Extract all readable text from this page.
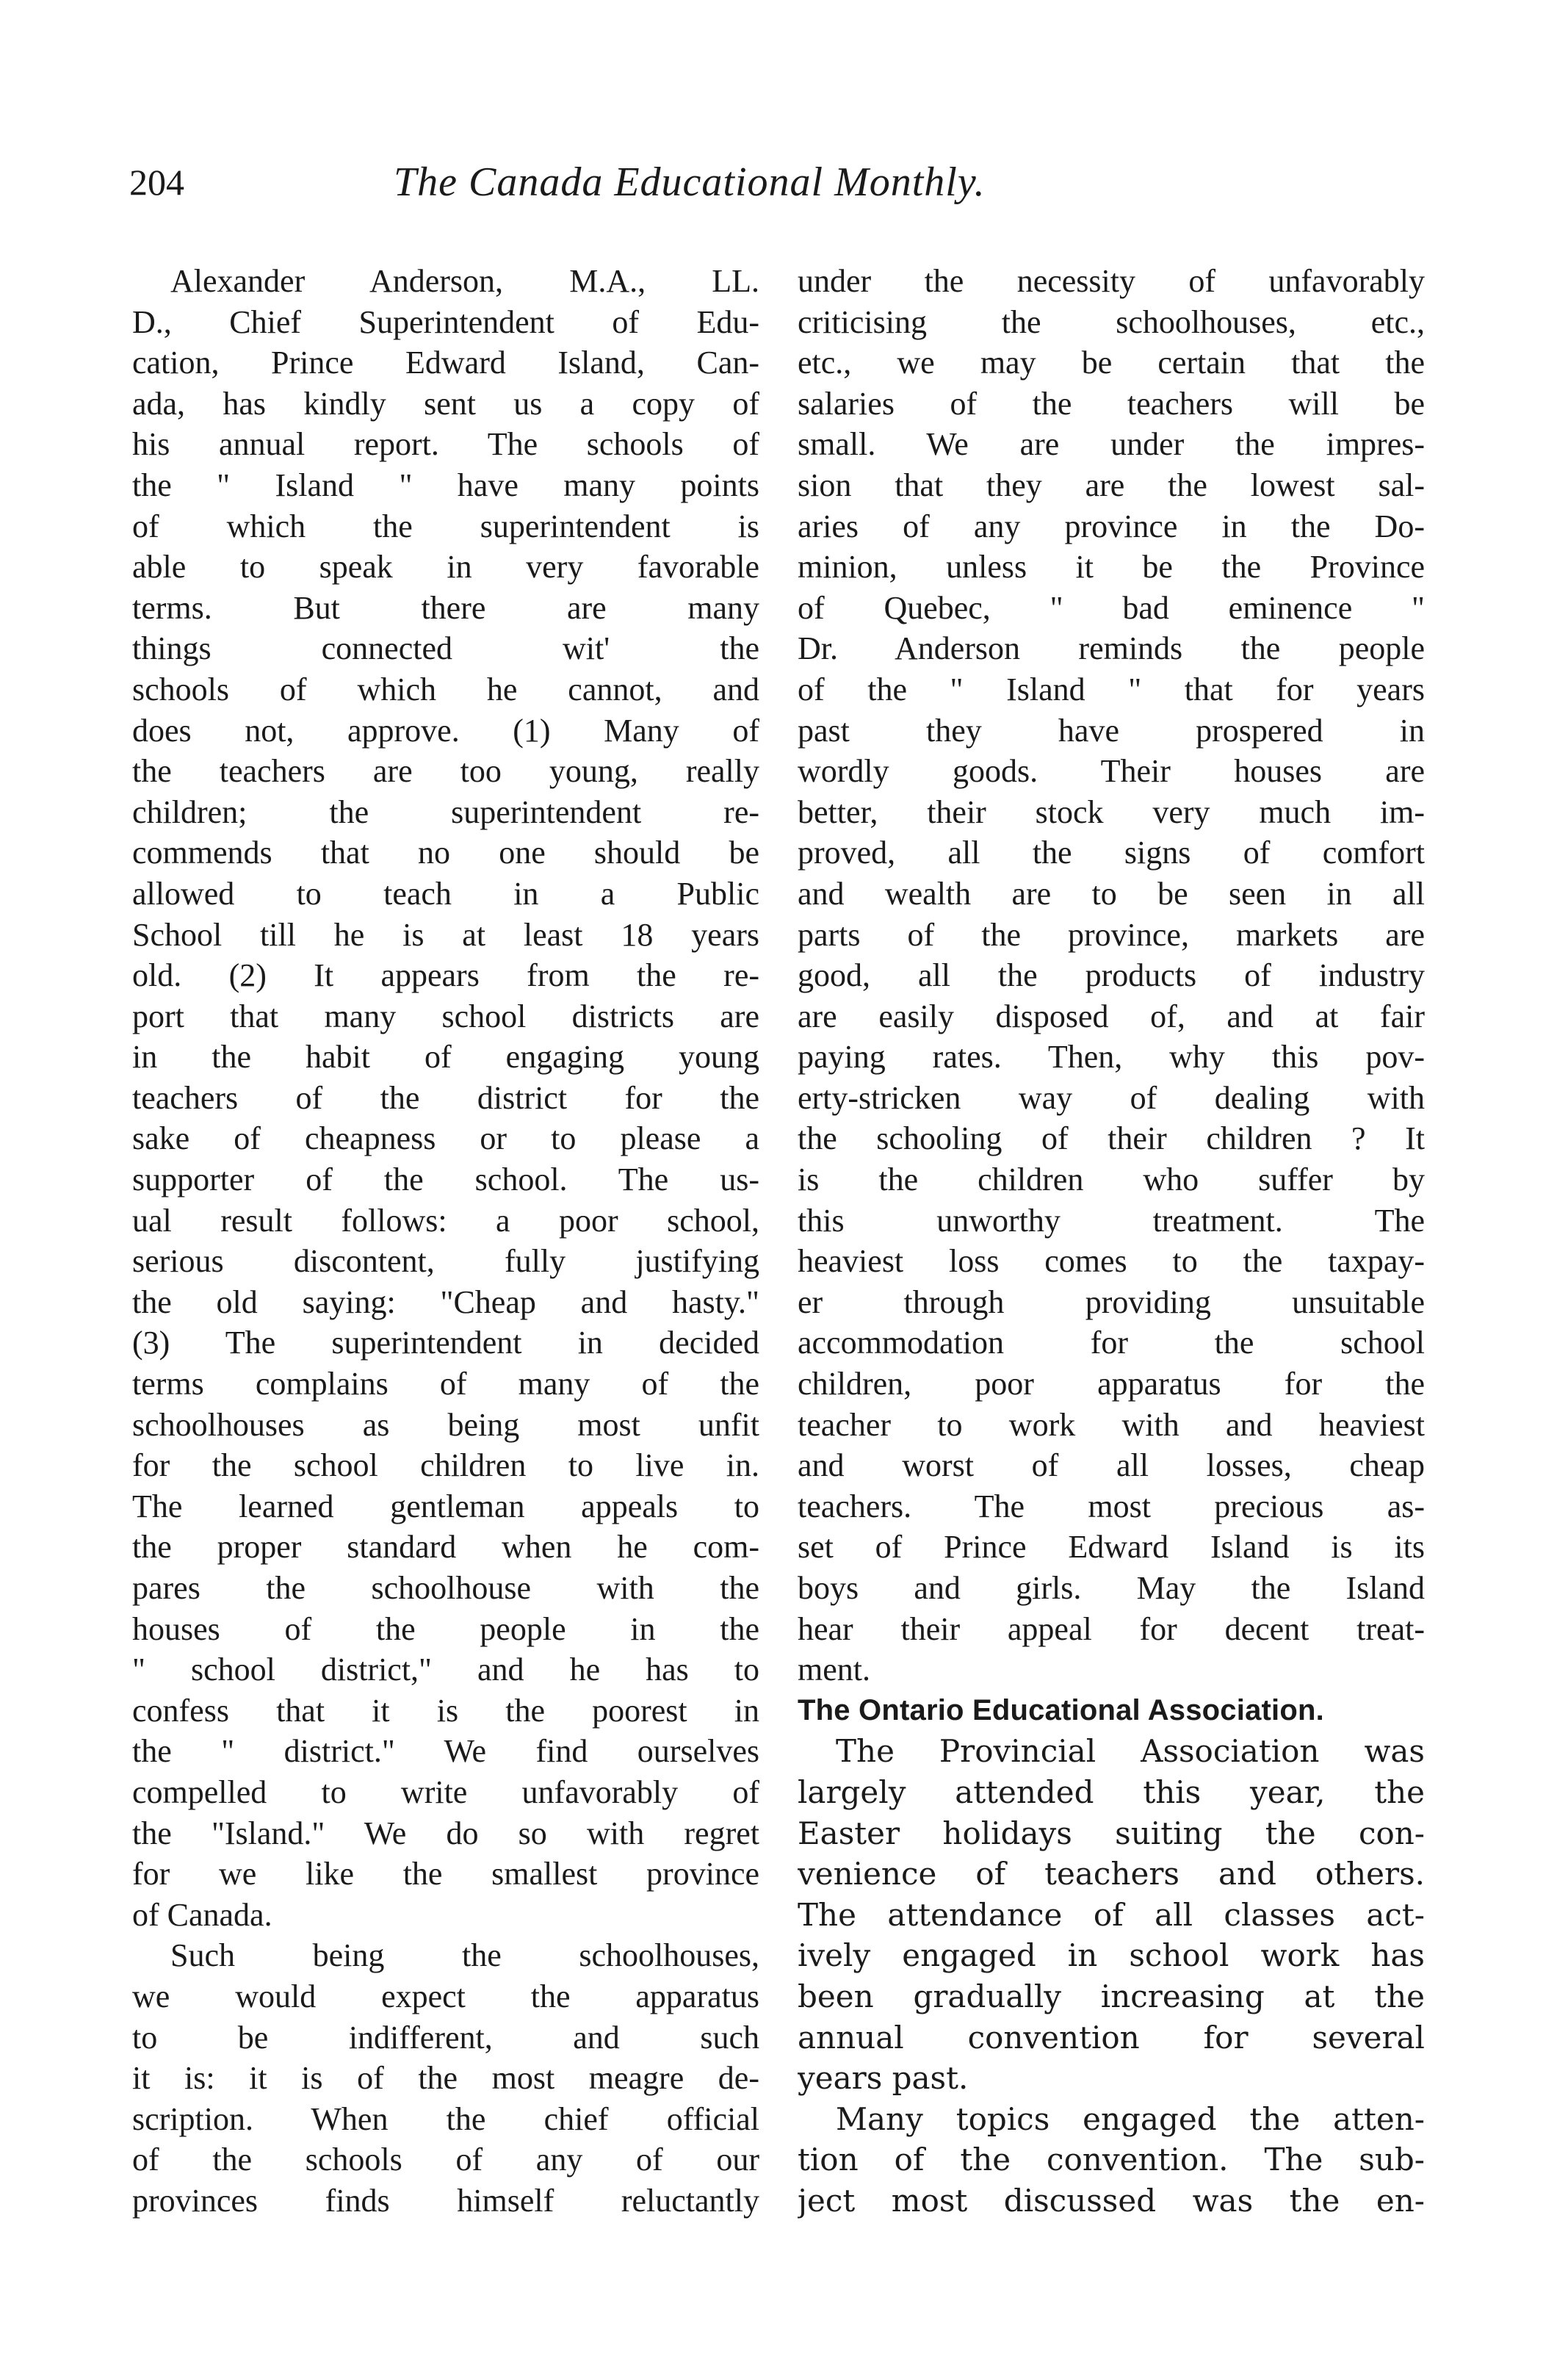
204	The Canada Educational Monthly.
Alexander Anderson, M.A., LL.
D., Chief Superintendent of Edu-
cation, Prince Edward Island, Can-
ada, has kindly sent us a copy of
his annual report. The schools of
the " Island " have many points
of which the superintendent is
able to speak in very favorable
terms. But there are many
things connected wit' the
schools of which he cannot, and
does not, approve. (1) Many of
the teachers are too young, really
children; the superintendent re-
commends that no one should be
allowed to teach in a Public
School till he is at least 18 years
old. (2) It appears from the re-
port that many school districts are
in the habit of engaging young
teachers of the district for the
sake of cheapness or to please a
supporter of the school. The us-
ual result follows: a poor school,
serious discontent, fully justifying
the old saying: "Cheap and hasty."
(3) The superintendent in decided
terms complains of many of the
schoolhouses as being most unfit
for the school children to live in.
The learned gentleman appeals to
the proper standard when he com-
pares the schoolhouse with the
houses of the people in the
" school district," and he has to
confess that it is the poorest in
the " district." We find ourselves
compelled to write unfavorably of
the "Island." We do so with regret
for we like the smallest province
of Canada.
Such being the schoolhouses,
we would expect the apparatus
to be indifferent, and such
it is: it is of the most meagre de-
scription. When the chief official
of the schools of any of our
provinces finds himself reluctantly
under the necessity of unfavorably
criticising the schoolhouses, etc.,
etc., we may be certain that the
salaries of the teachers will be
small. We are under the impres-
sion that they are the lowest sal-
aries of any province in the Do-
minion, unless it be the Province
of Quebec, " bad eminence "
Dr. Anderson reminds the people
of the " Island " that for years
past they have prospered in
wordly goods. Their houses are
better, their stock very much im-
proved, all the signs of comfort
and wealth are to be seen in all
parts of the province, markets are
good, all the products of industry
are easily disposed of, and at fair
paying rates. Then, why this pov-
erty-stricken way of dealing with
the schooling of their children ? It
is the children who suffer by
this unworthy treatment. The
heaviest loss comes to the taxpay-
er through providing unsuitable
accommodation for the school
children, poor apparatus for the
teacher to work with and heaviest
and worst of all losses, cheap
teachers. The most precious as-
set of Prince Edward Island is its
boys and girls. May the Island
hear their appeal for decent treat-
ment.
The Ontario Educational Association.
The Provincial Association was
largely attended this year, the
Easter holidays suiting the con-
venience of teachers and others.
The attendance of all classes act-
ively engaged in school work has
been gradually increasing at the
annual convention for several
years past.
Many topics engaged the atten-
tion of the convention. The sub-
ject most discussed was the en-
